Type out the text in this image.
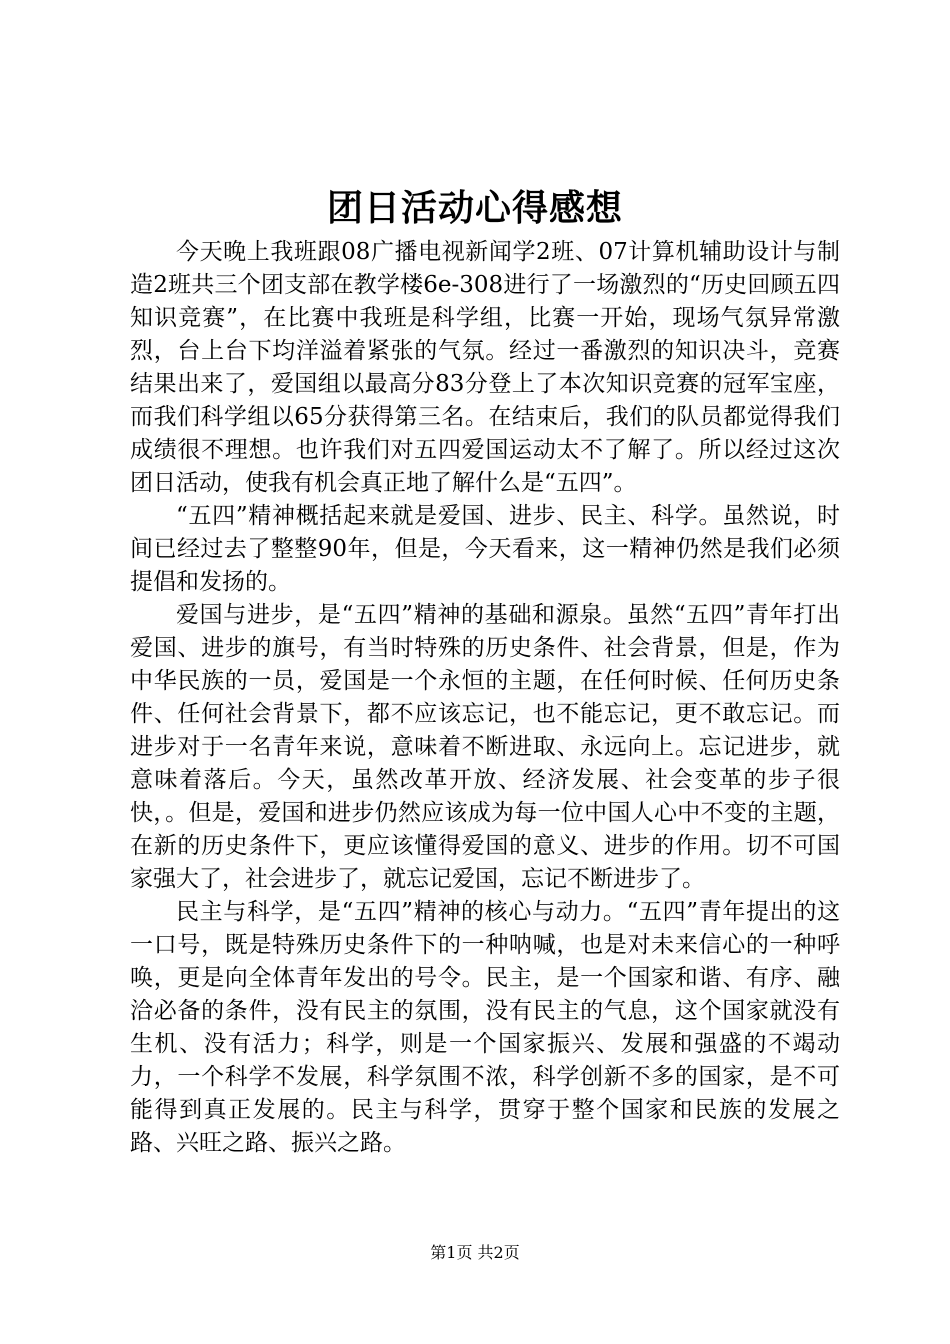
团日活动心得感想

今天晚上我班跟08广播电视新闻学2班、07计算机辅助设计与制造2班共三个团支部在教学楼6e-308进行了一场激烈的“历史回顾五四知识竞赛”，在比赛中我班是科学组，比赛一开始，现场气氛异常激烈，台上台下均洋溢着紧张的气氛。经过一番激烈的知识决斗，竞赛结果出来了，爱国组以最高分83分登上了本次知识竞赛的冠军宝座，而我们科学组以65分获得第三名。在结束后，我们的队员都觉得我们成绩很不理想。也许我们对五四爱国运动太不了解了。所以经过这次团日活动，使我有机会真正地了解什么是“五四”。

“五四”精神概括起来就是爱国、进步、民主、科学。虽然说，时间已经过去了整整90年，但是，今天看来，这一精神仍然是我们必须提倡和发扬的。

爱国与进步，是“五四”精神的基础和源泉。虽然“五四”青年打出爱国、进步的旗号，有当时特殊的历史条件、社会背景，但是，作为中华民族的一员，爱国是一个永恒的主题，在任何时候、任何历史条件、任何社会背景下，都不应该忘记，也不能忘记，更不敢忘记。而进步对于一名青年来说，意味着不断进取、永远向上。忘记进步，就意味着落后。今天，虽然改革开放、经济发展、社会变革的步子很快，。但是，爱国和进步仍然应该成为每一位中国人心中不变的主题，在新的历史条件下，更应该懂得爱国的意义、进步的作用。切不可国家强大了，社会进步了，就忘记爱国，忘记不断进步了。

民主与科学，是“五四”精神的核心与动力。“五四”青年提出的这一口号，既是特殊历史条件下的一种呐喊，也是对未来信心的一种呼唤，更是向全体青年发出的号令。民主，是一个国家和谐、有序、融洽必备的条件，没有民主的氛围，没有民主的气息，这个国家就没有生机、没有活力；科学，则是一个国家振兴、发展和强盛的不竭动力，一个科学不发展，科学氛围不浓，科学创新不多的国家，是不可能得到真正发展的。民主与科学，贯穿于整个国家和民族的发展之路、兴旺之路、振兴之路。

第1页 共2页
